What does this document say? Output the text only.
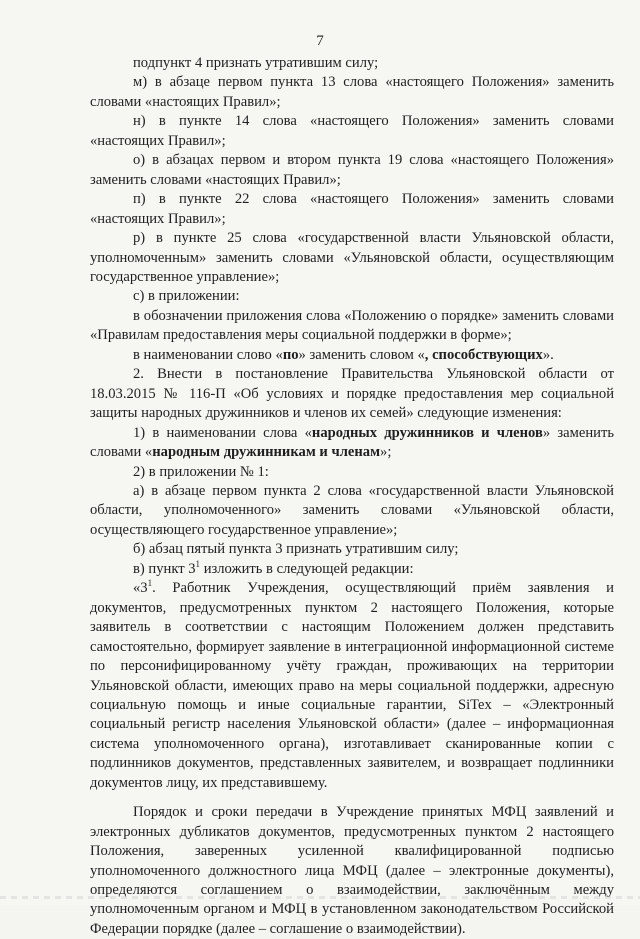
7

подпункт 4 признать утратившим силу;

м) в абзаце первом пункта 13 слова «настоящего Положения» заменить словами «настоящих Правил»;

н) в пункте 14 слова «настоящего Положения» заменить словами «настоящих Правил»;

о) в абзацах первом и втором пункта 19 слова «настоящего Положения» заменить словами «настоящих Правил»;

п) в пункте 22 слова «настоящего Положения» заменить словами «настоящих Правил»;

р) в пункте 25 слова «государственной власти Ульяновской области, уполномоченным» заменить словами «Ульяновской области, осуществляющим государственное управление»;

с) в приложении:

в обозначении приложения слова «Положению о порядке» заменить словами «Правилам предоставления меры социальной поддержки в форме»;

в наименовании слово «по» заменить словом «, способствующих».

2. Внести в постановление Правительства Ульяновской области от 18.03.2015 № 116-П «Об условиях и порядке предоставления мер социальной защиты народных дружинников и членов их семей» следующие изменения:

1) в наименовании слова «народных дружинников и членов» заменить словами «народным дружинникам и членам»;

2) в приложении № 1:

а) в абзаце первом пункта 2 слова «государственной власти Ульяновской области, уполномоченного» заменить словами «Ульяновской области, осуществляющего государственное управление»;

б) абзац пятый пункта 3 признать утратившим силу;

в) пункт $3^1$ изложить в следующей редакции:

«$3^1$. Работник Учреждения, осуществляющий приём заявления и документов, предусмотренных пунктом 2 настоящего Положения, которые заявитель в соответствии с настоящим Положением должен представить самостоятельно, формирует заявление в интеграционной информационной системе по персонифицированному учёту граждан, проживающих на территории Ульяновской области, имеющих право на меры социальной поддержки, адресную социальную помощь и иные социальные гарантии, SiTex – «Электронный социальный регистр населения Ульяновской области» (далее – информационная система уполномоченного органа), изготавливает сканированные копии с подлинников документов, представленных заявителем, и возвращает подлинники документов лицу, их представившему.

Порядок и сроки передачи в Учреждение принятых МФЦ заявлений и электронных дубликатов документов, предусмотренных пунктом 2 настоящего Положения, заверенных усиленной квалифицированной подписью уполномоченного должностного лица МФЦ (далее – электронные документы), определяются соглашением о взаимодействии, заключённым между уполномоченным органом и МФЦ в установленном законодательством Российской Федерации порядке (далее – соглашение о взаимодействии).
